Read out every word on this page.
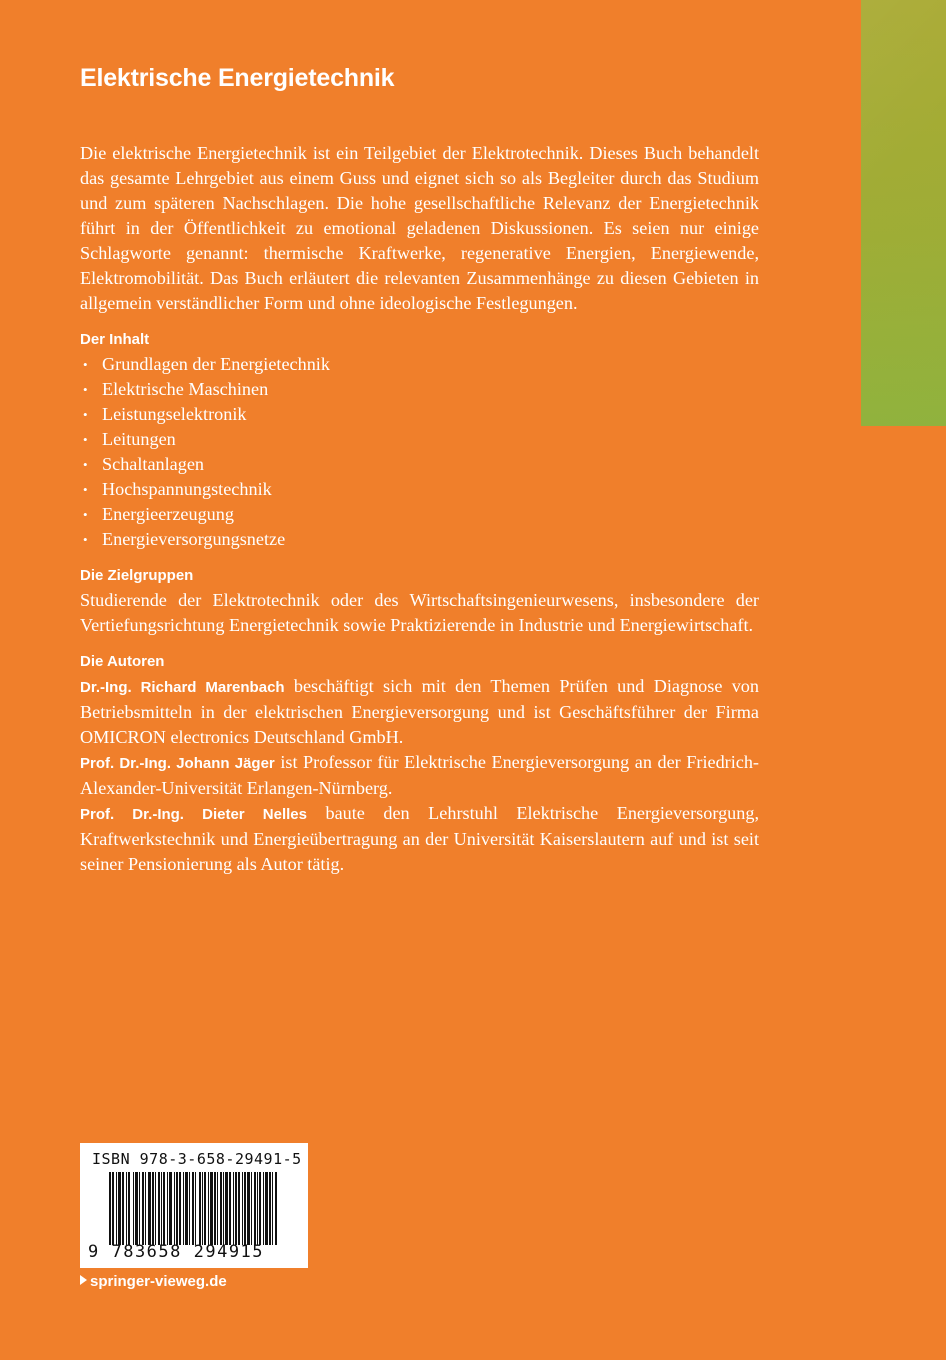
Elektrische Energietechnik

Die elektrische Energietechnik ist ein Teilgebiet der Elektrotechnik. Dieses Buch behandelt das gesamte Lehrgebiet aus einem Guss und eignet sich so als Begleiter durch das Studium und zum späteren Nachschlagen. Die hohe gesellschaftliche Relevanz der Energietechnik führt in der Öffentlichkeit zu emotional geladenen Diskussionen. Es seien nur einige Schlagworte genannt: thermische Kraftwerke, regenerative Energien, Energiewende, Elektromobilität. Das Buch erläutert die relevanten Zusammenhänge zu diesen Gebieten in allgemein verständlicher Form und ohne ideologische Festlegungen.

Der Inhalt
• Grundlagen der Energietechnik
• Elektrische Maschinen
• Leistungselektronik
• Leitungen
• Schaltanlagen
• Hochspannungstechnik
• Energieerzeugung
• Energieversorgungsnetze
Die Zielgruppen

Studierende der Elektrotechnik oder des Wirtschaftsingenieurwesens, insbesondere der Vertiefungsrichtung Energietechnik sowie Praktizierende in Industrie und Energiewirtschaft.

Die Autoren

Dr.-Ing. Richard Marenbach beschäftigt sich mit den Themen Prüfen und Diagnose von Betriebsmitteln in der elektrischen Energieversorgung und ist Geschäftsführer der Firma OMICRON electronics Deutschland GmbH.

Prof. Dr.-Ing. Johann Jäger ist Professor für Elektrische Energieversorgung an der Friedrich-Alexander-Universität Erlangen-Nürnberg.

Prof. Dr.-Ing. Dieter Nelles baute den Lehrstuhl Elektrische Energieversorgung, Kraftwerkstechnik und Energieübertragung an der Universität Kaiserslautern auf und ist seit seiner Pensionierung als Autor tätig.

ISBN 978-3-658-29491-5
9 783658 294915
springer-vieweg.de
